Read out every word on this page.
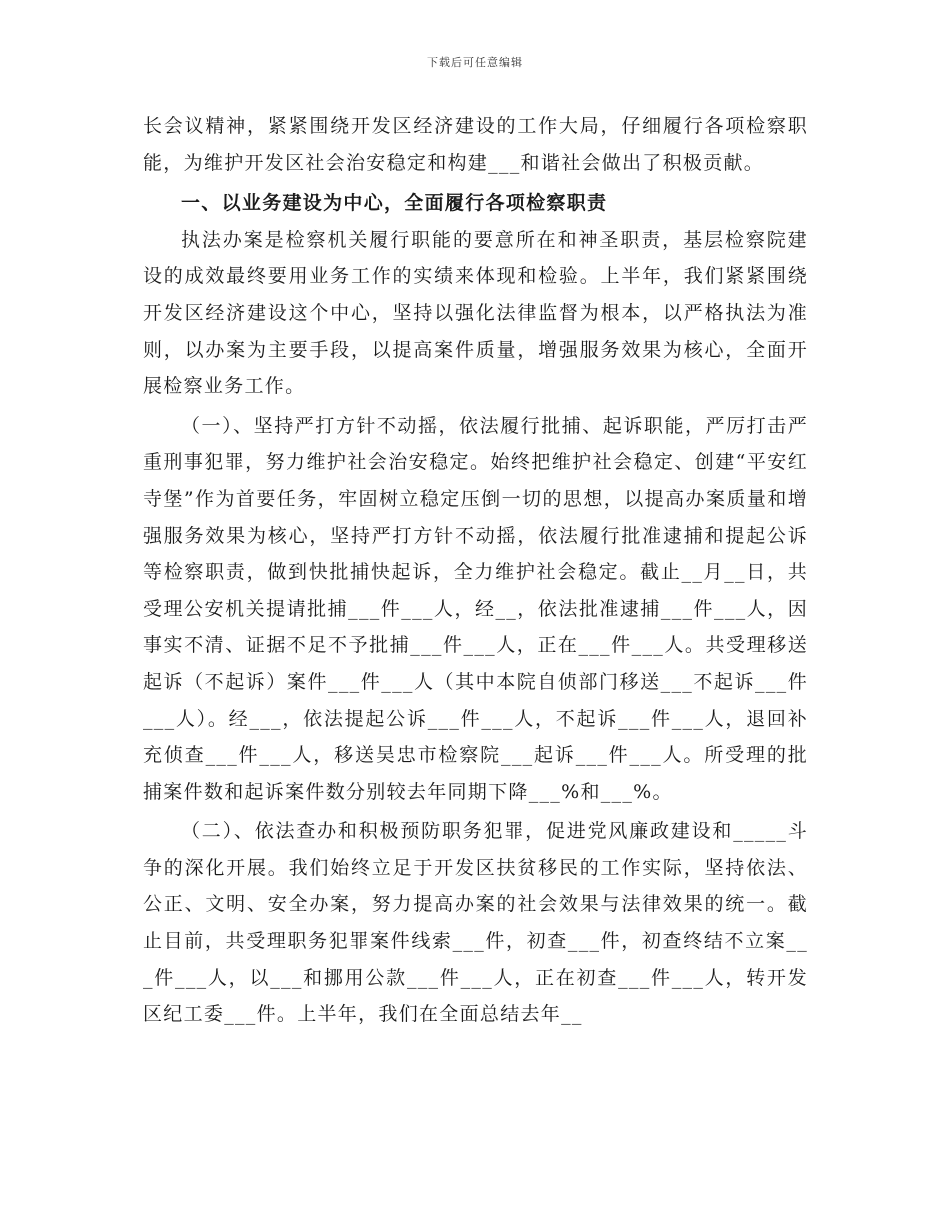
下载后可任意编辑

长会议精神，紧紧围绕开发区经济建设的工作大局，仔细履行各项检察职能，为维护开发区社会治安稳定和构建___和谐社会做出了积极贡献。

一、以业务建设为中心，全面履行各项检察职责

执法办案是检察机关履行职能的要意所在和神圣职责，基层检察院建设的成效最终要用业务工作的实绩来体现和检验。上半年，我们紧紧围绕开发区经济建设这个中心，坚持以强化法律监督为根本，以严格执法为准则，以办案为主要手段，以提高案件质量，增强服务效果为核心，全面开展检察业务工作。

（一）、坚持严打方针不动摇，依法履行批捕、起诉职能，严厉打击严重刑事犯罪，努力维护社会治安稳定。始终把维护社会稳定、创建“平安红寺堡”作为首要任务，牢固树立稳定压倒一切的思想，以提高办案质量和增强服务效果为核心，坚持严打方针不动摇，依法履行批准逮捕和提起公诉等检察职责，做到快批捕快起诉，全力维护社会稳定。截止__月__日，共受理公安机关提请批捕___件___人，经__，依法批准逮捕___件___人，因事实不清、证据不足不予批捕___件___人，正在___件___人。共受理移送起诉（不起诉）案件___件___人（其中本院自侦部门移送___不起诉___件___人）。经___，依法提起公诉___件___人，不起诉___件___人，退回补充侦查___件___人，移送吴忠市检察院___起诉___件___人。所受理的批捕案件数和起诉案件数分别较去年同期下降___%和___%。

（二）、依法查办和积极预防职务犯罪，促进党风廉政建设和_____斗争的深化开展。我们始终立足于开发区扶贫移民的工作实际，坚持依法、公正、文明、安全办案，努力提高办案的社会效果与法律效果的统一。截止目前，共受理职务犯罪案件线索___件，初查___件，初查终结不立案___件___人，以___和挪用公款___件___人，正在初查___件___人，转开发区纪工委___件。上半年，我们在全面总结去年__
